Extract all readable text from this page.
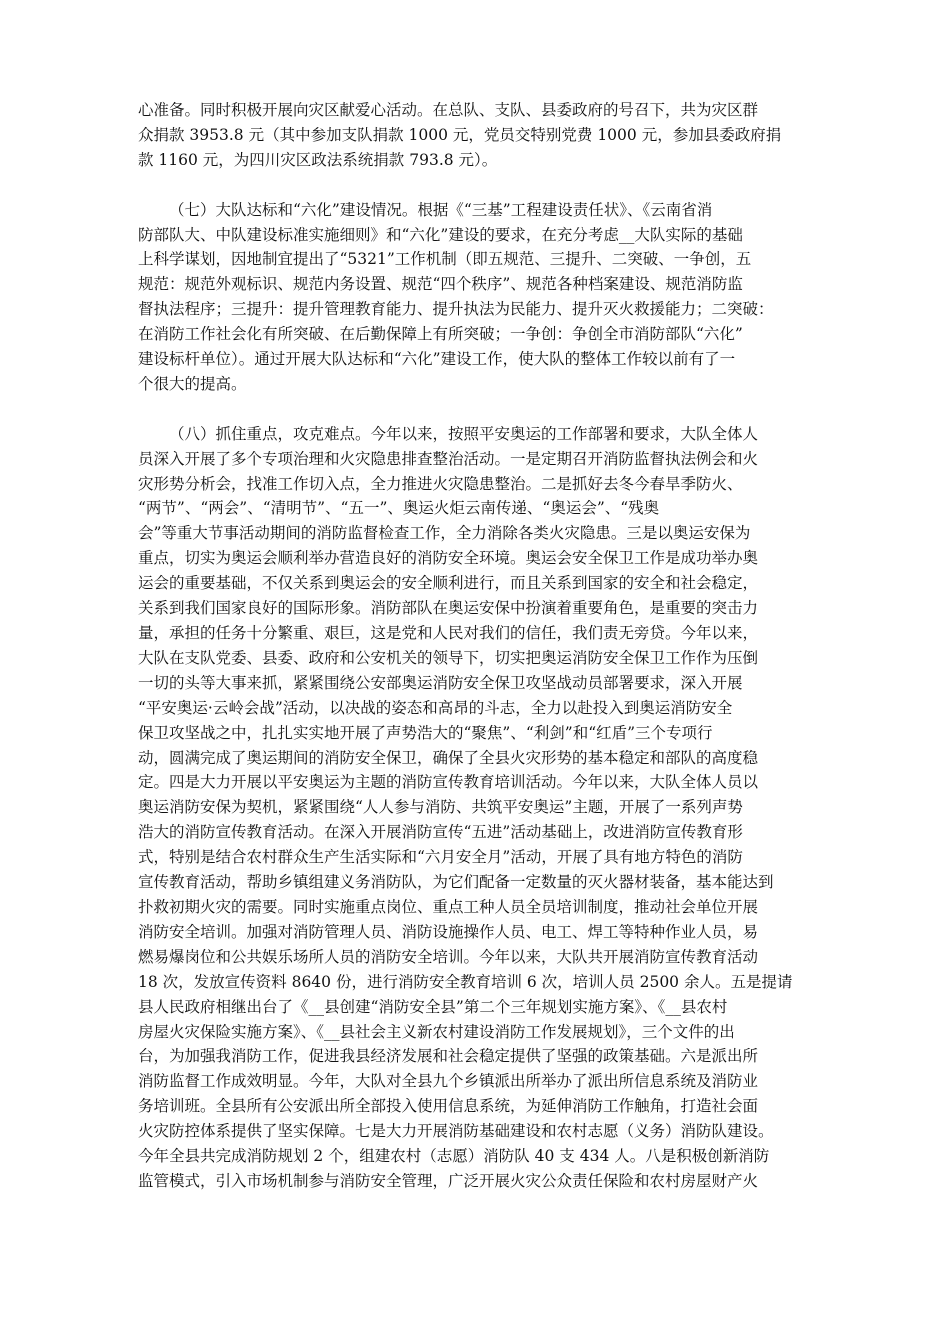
心准备。同时积极开展向灾区献爱心活动。在总队、支队、县委政府的号召下，共为灾区群
众捐款 3953.8 元（其中参加支队捐款 1000 元，党员交特别党费 1000 元，参加县委政府捐
款 1160 元，为四川灾区政法系统捐款 793.8 元）。
（七）大队达标和“六化”建设情况。根据《“三基”工程建设责任状》、《云南省消
防部队大、中队建设标准实施细则》和“六化”建设的要求，在充分考虑__大队实际的基础
上科学谋划，因地制宜提出了“5321”工作机制（即五规范、三提升、二突破、一争创，五
规范：规范外观标识、规范内务设置、规范“四个秩序”、规范各种档案建设、规范消防监
督执法程序；三提升：提升管理教育能力、提升执法为民能力、提升灭火救援能力；二突破：
在消防工作社会化有所突破、在后勤保障上有所突破；一争创：争创全市消防部队“六化”
建设标杆单位）。通过开展大队达标和“六化”建设工作，使大队的整体工作较以前有了一
个很大的提高。
（八）抓住重点，攻克难点。今年以来，按照平安奥运的工作部署和要求，大队全体人
员深入开展了多个专项治理和火灾隐患排查整治活动。一是定期召开消防监督执法例会和火
灾形势分析会，找准工作切入点，全力推进火灾隐患整治。二是抓好去冬今春旱季防火、
“两节”、“两会”、“清明节”、“五一”、奥运火炬云南传递、“奥运会”、“残奥
会”等重大节事活动期间的消防监督检查工作，全力消除各类火灾隐患。三是以奥运安保为
重点，切实为奥运会顺利举办营造良好的消防安全环境。奥运会安全保卫工作是成功举办奥
运会的重要基础，不仅关系到奥运会的安全顺利进行，而且关系到国家的安全和社会稳定，
关系到我们国家良好的国际形象。消防部队在奥运安保中扮演着重要角色，是重要的突击力
量，承担的任务十分繁重、艰巨，这是党和人民对我们的信任，我们责无旁贷。今年以来，
大队在支队党委、县委、政府和公安机关的领导下，切实把奥运消防安全保卫工作作为压倒
一切的头等大事来抓，紧紧围绕公安部奥运消防安全保卫攻坚战动员部署要求，深入开展
“平安奥运·云岭会战”活动，以决战的姿态和高昂的斗志，全力以赴投入到奥运消防安全
保卫攻坚战之中，扎扎实实地开展了声势浩大的“聚焦”、“利剑”和“红盾”三个专项行
动，圆满完成了奥运期间的消防安全保卫，确保了全县火灾形势的基本稳定和部队的高度稳
定。四是大力开展以平安奥运为主题的消防宣传教育培训活动。今年以来，大队全体人员以
奥运消防安保为契机，紧紧围绕“人人参与消防、共筑平安奥运”主题，开展了一系列声势
浩大的消防宣传教育活动。在深入开展消防宣传“五进”活动基础上，改进消防宣传教育形
式，特别是结合农村群众生产生活实际和“六月安全月”活动，开展了具有地方特色的消防
宣传教育活动，帮助乡镇组建义务消防队，为它们配备一定数量的灭火器材装备，基本能达到
扑救初期火灾的需要。同时实施重点岗位、重点工种人员全员培训制度，推动社会单位开展
消防安全培训。加强对消防管理人员、消防设施操作人员、电工、焊工等特种作业人员，易
燃易爆岗位和公共娱乐场所人员的消防安全培训。今年以来，大队共开展消防宣传教育活动
18 次，发放宣传资料 8640 份，进行消防安全教育培训 6 次，培训人员 2500 余人。五是提请
县人民政府相继出台了《__县创建“消防安全县”第二个三年规划实施方案》、《__县农村
房屋火灾保险实施方案》、《__县社会主义新农村建设消防工作发展规划》，三个文件的出
台，为加强我消防工作，促进我县经济发展和社会稳定提供了坚强的政策基础。六是派出所
消防监督工作成效明显。今年，大队对全县九个乡镇派出所举办了派出所信息系统及消防业
务培训班。全县所有公安派出所全部投入使用信息系统，为延伸消防工作触角，打造社会面
火灾防控体系提供了坚实保障。七是大力开展消防基础建设和农村志愿（义务）消防队建设。
今年全县共完成消防规划 2 个，组建农村（志愿）消防队 40 支 434 人。八是积极创新消防
监管模式，引入市场机制参与消防安全管理，广泛开展火灾公众责任保险和农村房屋财产火
